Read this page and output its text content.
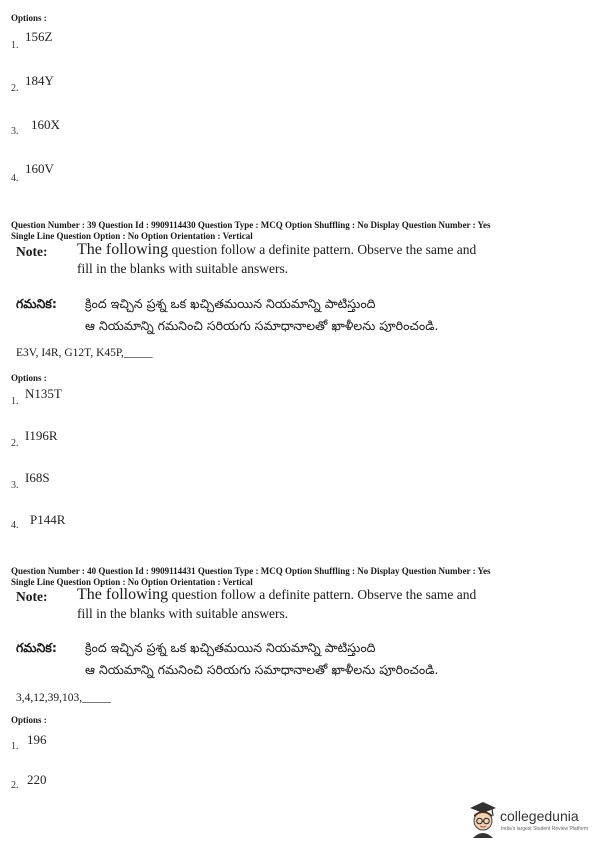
Options :
1.
156Z
2.
184Y
3. 160X
4.
160V
Question Number : 39 Question Id : 9909114430 Question Type : MCQ Option Shuffling : No Display Question Number : Yes
Single Line Question Option : No Option Orientation : Vertical
Note: The following question follow a definite pattern. Observe the same and
fill in the blanks with suitable answers.
గమనిక: క్రింద ఇచ్చిన ప్రశ్న ఒక ఖచ్చితమయిన నియమాన్ని పాటిస్తుంది
ఆ నియమాన్ని గమనించి సరియగు సమాధానాలతో ఖాళీలను పూరించండి.
E3V, I4R, G12T, K45P,_____
Options :
1.
N135T
2.
I196R
3.
I68S
4. P144R
Question Number : 40 Question Id : 9909114431 Question Type : MCQ Option Shuffling : No Display Question Number : Yes
Single Line Question Option : No Option Orientation : Vertical
Note: The following question follow a definite pattern. Observe the same and
fill in the blanks with suitable answers.
గమనిక: క్రింద ఇచ్చిన ప్రశ్న ఒక ఖచ్చితమయిన నియమాన్ని పాటిస్తుంది
ఆ నియమాన్ని గమనించి సరియగు సమాధానాలతో ఖాళీలను పూరించండి.
3,4,12,39,103,_____
Options :
1. 196
2. 220
collegedunia
India's largest Student Review Platform
